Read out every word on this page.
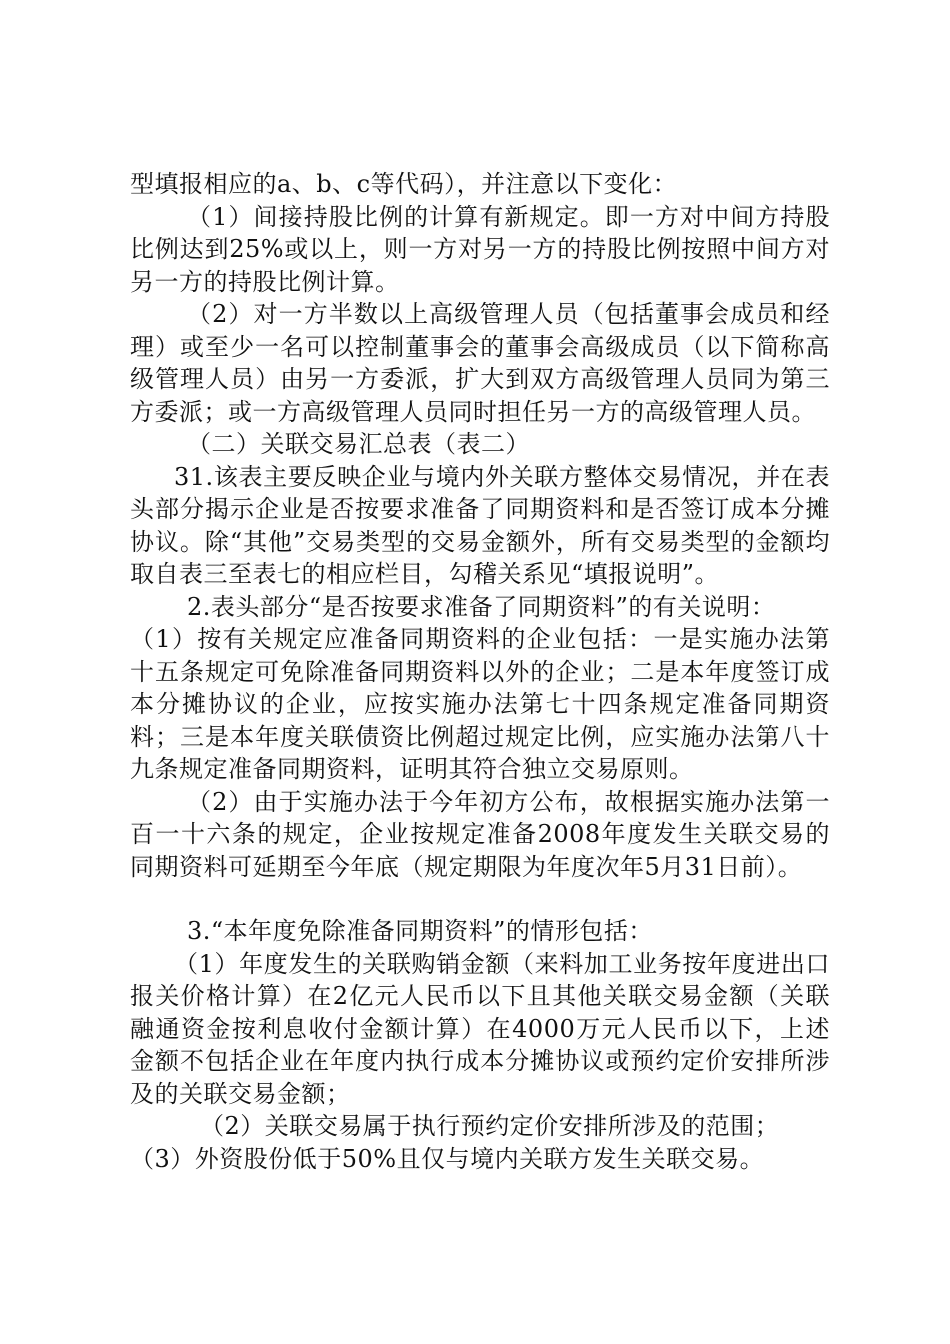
型填报相应的a、b、c等代码），并注意以下变化：

（1）间接持股比例的计算有新规定。即一方对中间方持股比例达到25%或以上，则一方对另一方的持股比例按照中间方对另一方的持股比例计算。

（2）对一方半数以上高级管理人员（包括董事会成员和经理）或至少一名可以控制董事会的董事会高级成员（以下简称高级管理人员）由另一方委派，扩大到双方高级管理人员同为第三方委派；或一方高级管理人员同时担任另一方的高级管理人员。

（二）关联交易汇总表（表二）

31.该表主要反映企业与境内外关联方整体交易情况，并在表头部分揭示企业是否按要求准备了同期资料和是否签订成本分摊协议。除“其他”交易类型的交易金额外，所有交易类型的金额均取自表三至表七的相应栏目，勾稽关系见“填报说明”。

2.表头部分“是否按要求准备了同期资料”的有关说明：

（1）按有关规定应准备同期资料的企业包括：一是实施办法第十五条规定可免除准备同期资料以外的企业；二是本年度签订成本分摊协议的企业，应按实施办法第七十四条规定准备同期资料；三是本年度关联债资比例超过规定比例，应实施办法第八十九条规定准备同期资料，证明其符合独立交易原则。

（2）由于实施办法于今年初方公布，故根据实施办法第一百一十六条的规定，企业按规定准备2008年度发生关联交易的同期资料可延期至今年底（规定期限为年度次年5月31日前）。

3.“本年度免除准备同期资料”的情形包括：

（1）年度发生的关联购销金额（来料加工业务按年度进出口报关价格计算）在2亿元人民币以下且其他关联交易金额（关联融通资金按利息收付金额计算）在4000万元人民币以下，上述金额不包括企业在年度内执行成本分摊协议或预约定价安排所涉及的关联交易金额；

（2）关联交易属于执行预约定价安排所涉及的范围；

（3）外资股份低于50%且仅与境内关联方发生关联交易。
